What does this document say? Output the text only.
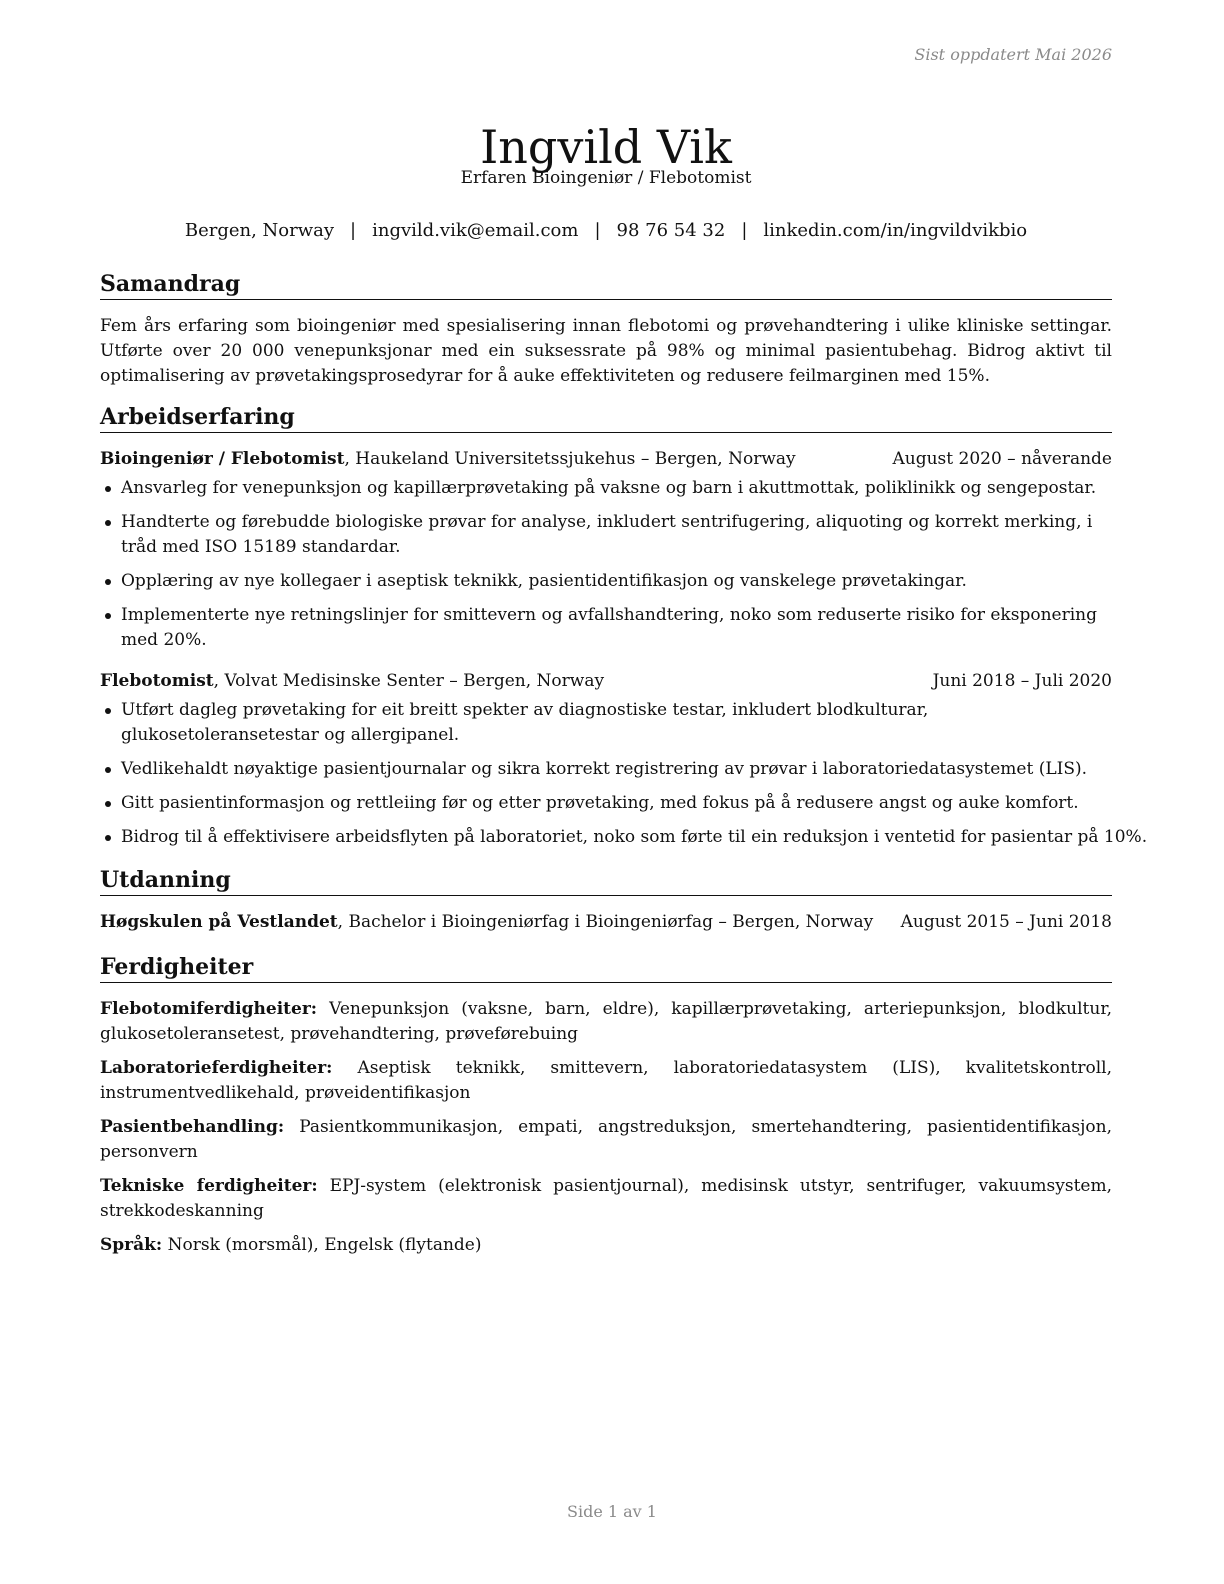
Sist oppdatert Mai 2026
Ingvild Vik
Erfaren Bioingeniør / Flebotomist
Bergen, Norway | ingvild.vik@email.com | 98 76 54 32 | linkedin.com/in/ingvildvikbio
Samandrag

Fem års erfaring som bioingeniør med spesialisering innan flebotomi og prøvehandtering i ulike kliniske settingar. Utførte over 20 000 venepunksjonar med ein suksessrate på 98% og minimal pasientubehag. Bidrog aktivt til optimalisering av prøvetakingsprosedyrar for å auke effektiviteten og redusere feilmarginen med 15%.

Arbeidserfaring
Bioingeniør / Flebotomist, Haukeland Universitetssjukehus – Bergen, Norway	August 2020 – nåverande
Ansvarleg for venepunksjon og kapillærprøvetaking på vaksne og barn i akuttmottak, poliklinikk og sengepostar.
Handterte og førebudde biologiske prøvar for analyse, inkludert sentrifugering, aliquoting og korrekt merking, i tråd med ISO 15189 standardar.
Opplæring av nye kollegaer i aseptisk teknikk, pasientidentifikasjon og vanskelege prøvetakingar.
Implementerte nye retningslinjer for smittevern og avfallshandtering, noko som reduserte risiko for eksponering med 20%.
Flebotomist, Volvat Medisinske Senter – Bergen, Norway	Juni 2018 – Juli 2020
Utført dagleg prøvetaking for eit breitt spekter av diagnostiske testar, inkludert blodkulturar, glukosetoleransetestar og allergipanel.
Vedlikehaldt nøyaktige pasientjournalar og sikra korrekt registrering av prøvar i laboratoriedatasystemet (LIS).
Gitt pasientinformasjon og rettleiing før og etter prøvetaking, med fokus på å redusere angst og auke komfort.
Bidrog til å effektivisere arbeidsflyten på laboratoriet, noko som førte til ein reduksjon i ventetid for pasientar på 10%.
Utdanning
Høgskulen på Vestlandet, Bachelor i Bioingeniørfag i Bioingeniørfag – Bergen, Norway August 2015 – Juni 2018
Ferdigheiter
Flebotomiferdigheiter: Venepunksjon (vaksne, barn, eldre), kapillærprøvetaking, arteriepunksjon, blodkultur, glukosetoleransetest, prøvehandtering, prøveførebuing
Laboratorieferdigheiter: Aseptisk teknikk, smittevern, laboratoriedatasystem (LIS), kvalitetskontroll, instrumentvedlikehald, prøveidentifikasjon
Pasientbehandling: Pasientkommunikasjon, empati, angstreduksjon, smertehandtering, pasientidentifikasjon, personvern
Tekniske ferdigheiter: EPJ-system (elektronisk pasientjournal), medisinsk utstyr, sentrifuger, vakuumsystem, strekkodeskanning
Språk: Norsk (morsmål), Engelsk (flytande)
Side 1 av 1
